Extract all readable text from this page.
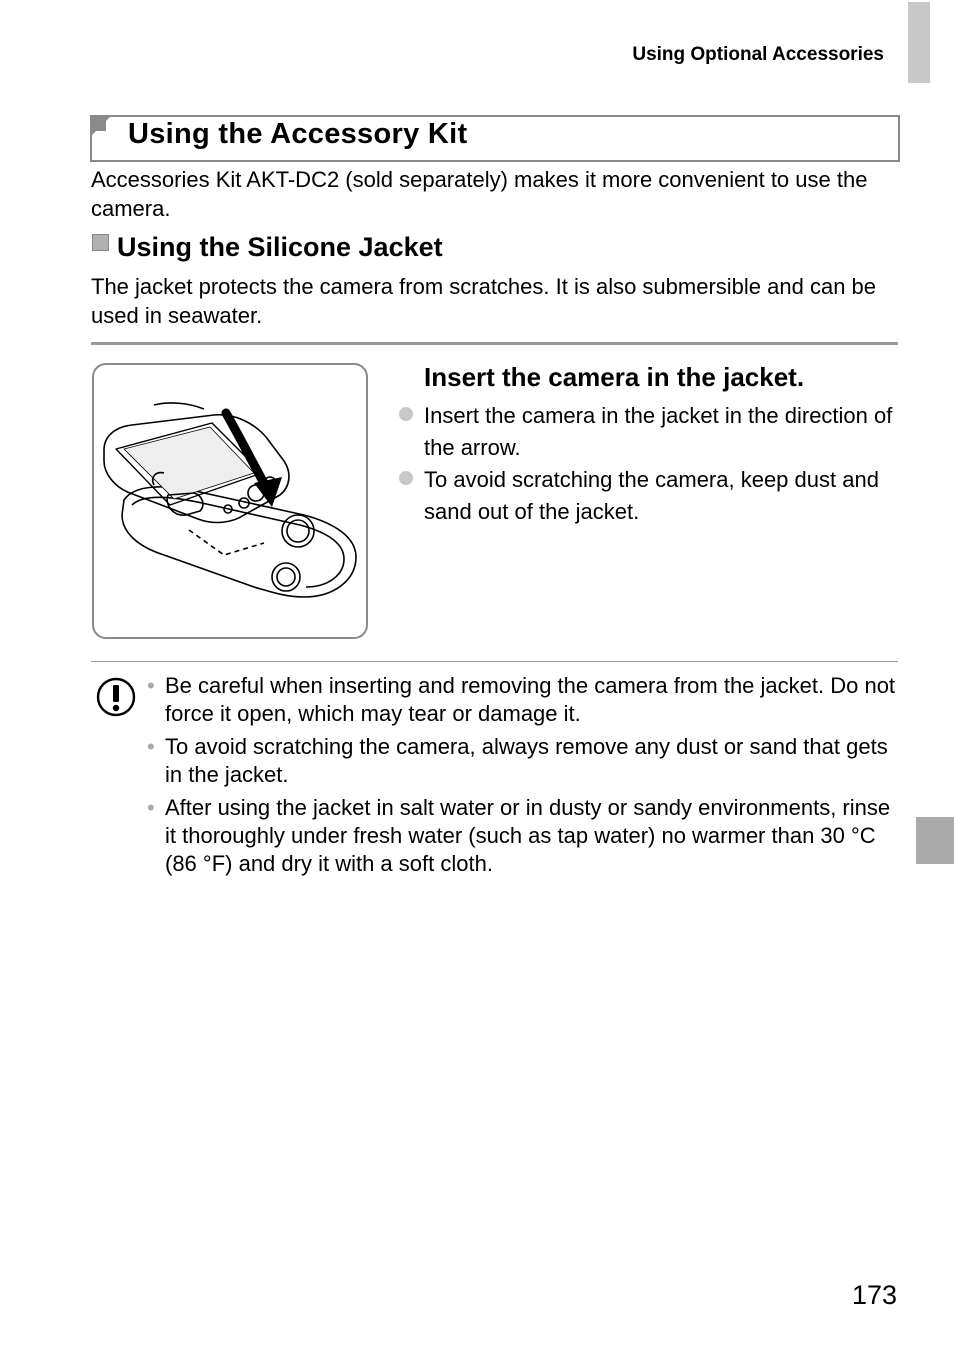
Using Optional Accessories
Using the Accessory Kit
Accessories Kit AKT-DC2 (sold separately) makes it more convenient to use the camera.
Using the Silicone Jacket
The jacket protects the camera from scratches. It is also submersible and can be used in seawater.
Insert the camera in the jacket.
Insert the camera in the jacket in the direction of the arrow.
To avoid scratching the camera, keep dust and sand out of the jacket.
• Be careful when inserting and removing the camera from the jacket. Do not force it open, which may tear or damage it.
• To avoid scratching the camera, always remove any dust or sand that gets in the jacket.
• After using the jacket in salt water or in dusty or sandy environments, rinse it thoroughly under fresh water (such as tap water) no warmer than 30 °C (86 °F) and dry it with a soft cloth.
173
